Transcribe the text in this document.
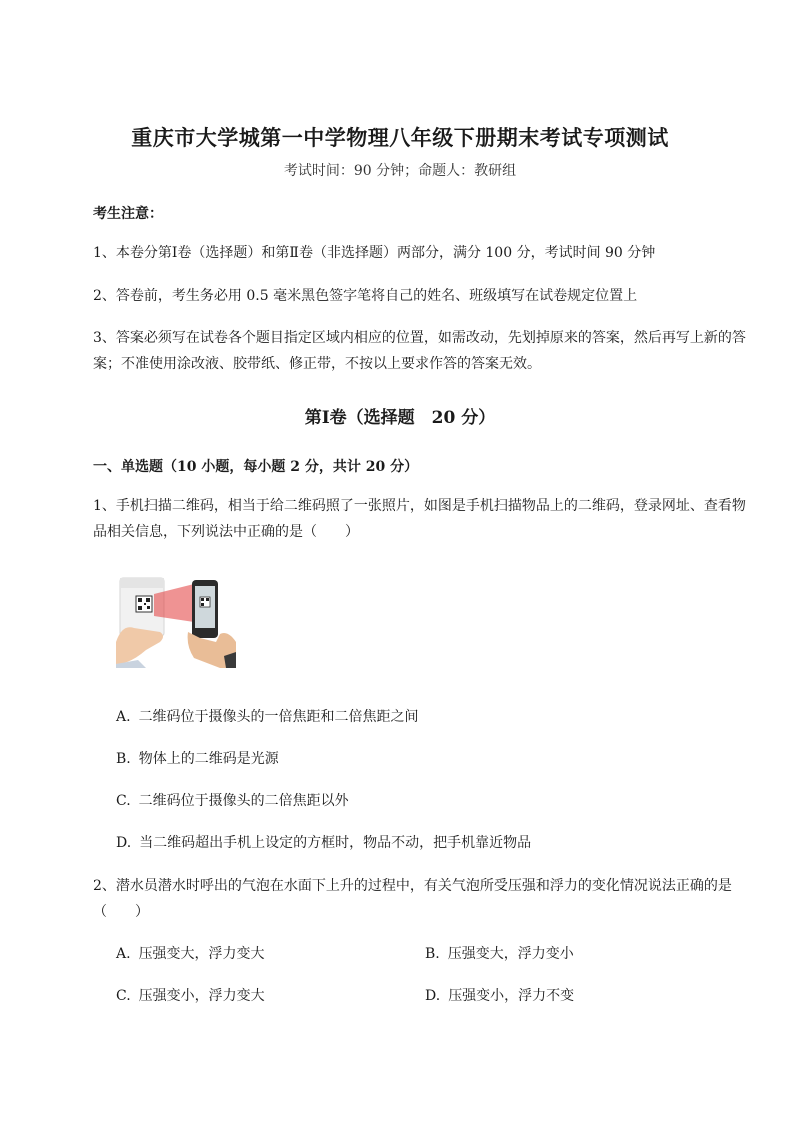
重庆市大学城第一中学物理八年级下册期末考试专项测试
考试时间：90 分钟；命题人：教研组
考生注意：
1、本卷分第Ⅰ卷（选择题）和第Ⅱ卷（非选择题）两部分，满分 100 分，考试时间 90 分钟
2、答卷前，考生务必用 0.5 毫米黑色签字笔将自己的姓名、班级填写在试卷规定位置上
3、答案必须写在试卷各个题目指定区域内相应的位置，如需改动，先划掉原来的答案，然后再写上新的答案；不准使用涂改液、胶带纸、修正带，不按以上要求作答的答案无效。
第Ⅰ卷（选择题　20 分）
一、单选题（10 小题，每小题 2 分，共计 20 分）
1、手机扫描二维码，相当于给二维码照了一张照片，如图是手机扫描物品上的二维码，登录网址、查看物品相关信息，下列说法中正确的是（　　）
A. 二维码位于摄像头的一倍焦距和二倍焦距之间
B. 物体上的二维码是光源
C. 二维码位于摄像头的二倍焦距以外
D. 当二维码超出手机上设定的方框时，物品不动，把手机靠近物品
2、潜水员潜水时呼出的气泡在水面下上升的过程中，有关气泡所受压强和浮力的变化情况说法正确的是（　　）
A. 压强变大，浮力变大	B. 压强变大，浮力变小
C. 压强变小，浮力变大	D. 压强变小，浮力不变
